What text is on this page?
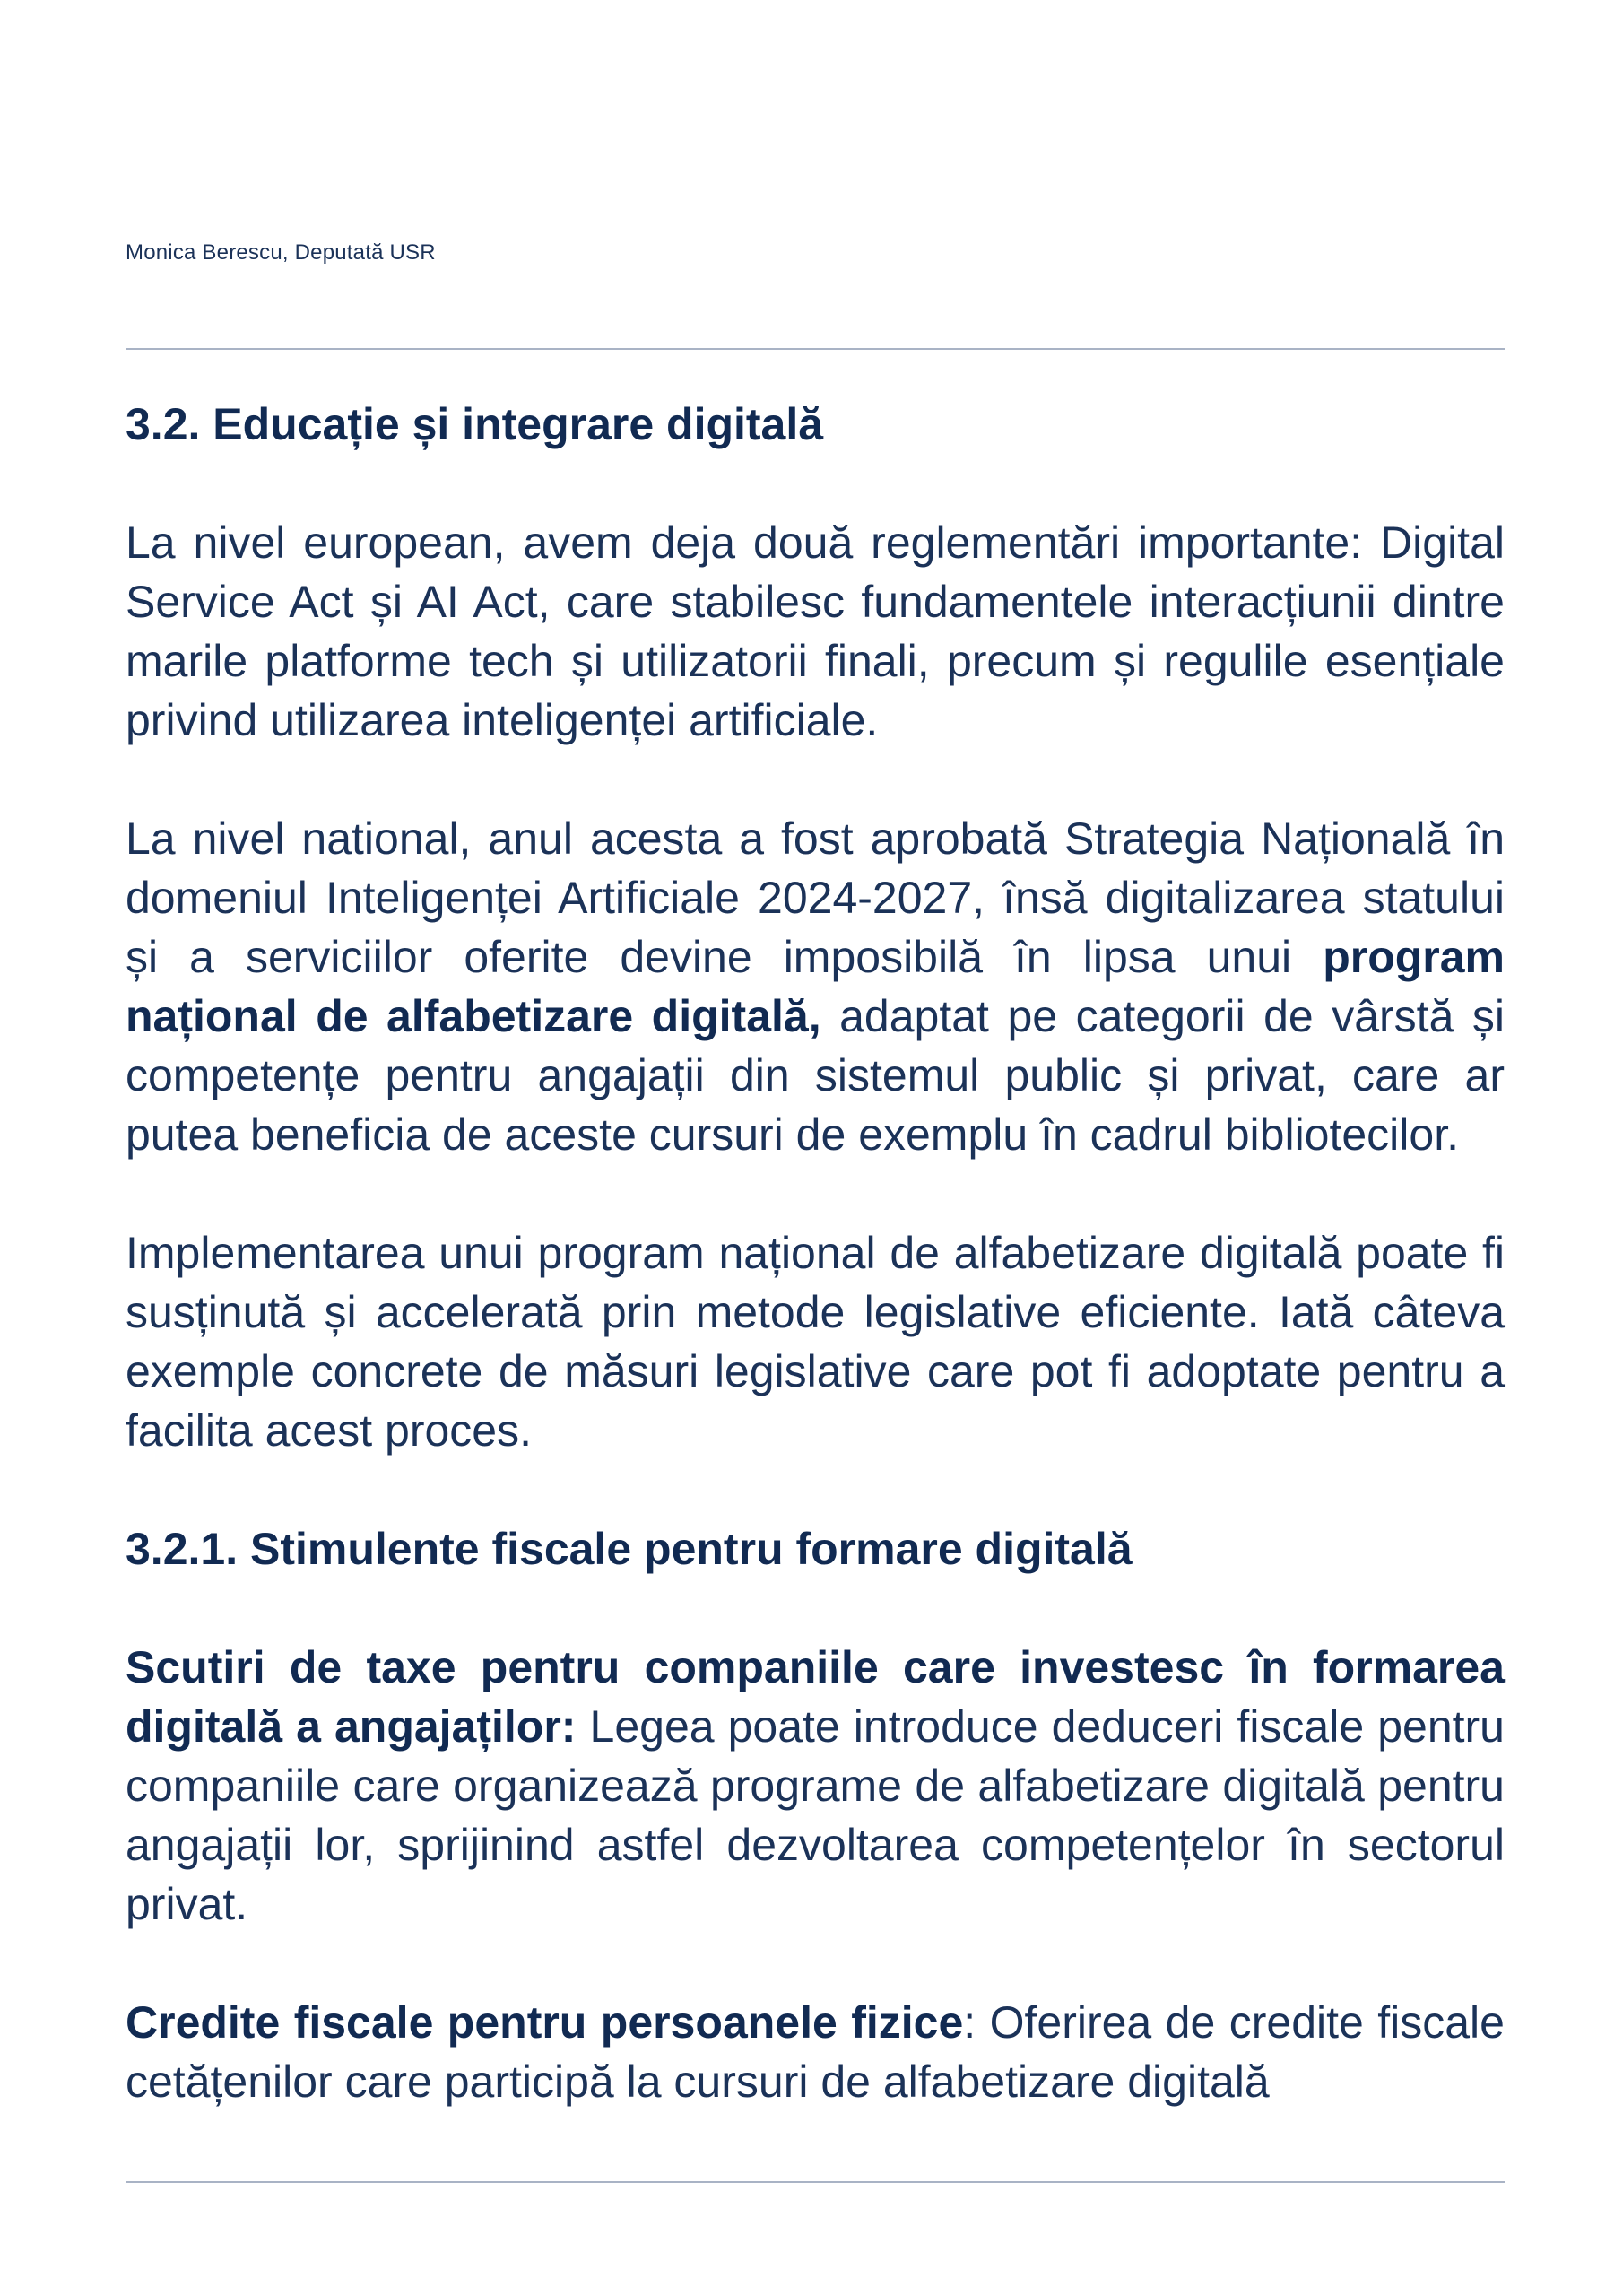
Monica Berescu, Deputată USR
3.2. Educație și integrare digitală

La nivel european, avem deja două reglementări importante: Digital Service Act și AI Act, care stabilesc fundamentele interacțiunii dintre marile platforme tech și utilizatorii finali, precum și regulile esențiale privind utilizarea inteligenței artificiale.

La nivel national, anul acesta a fost aprobată Strategia Națională în domeniul Inteligenței Artificiale 2024-2027, însă digitalizarea statului și a serviciilor oferite devine imposibilă în lipsa unui program național de alfabetizare digitală, adaptat pe categorii de vârstă și competențe pentru angajații din sistemul public și privat, care ar putea beneficia de aceste cursuri de exemplu în cadrul bibliotecilor.

Implementarea unui program național de alfabetizare digitală poate fi susținută și accelerată prin metode legislative eficiente. Iată câteva exemple concrete de măsuri legislative care pot fi adoptate pentru a facilita acest proces.

3.2.1. Stimulente fiscale pentru formare digitală

Scutiri de taxe pentru companiile care investesc în formarea digitală a angajaților: Legea poate introduce deduceri fiscale pentru companiile care organizează programe de alfabetizare digitală pentru angajații lor, sprijinind astfel dezvoltarea competențelor în sectorul privat.

Credite fiscale pentru persoanele fizice: Oferirea de credite fiscale cetățenilor care participă la cursuri de alfabetizare digitală
